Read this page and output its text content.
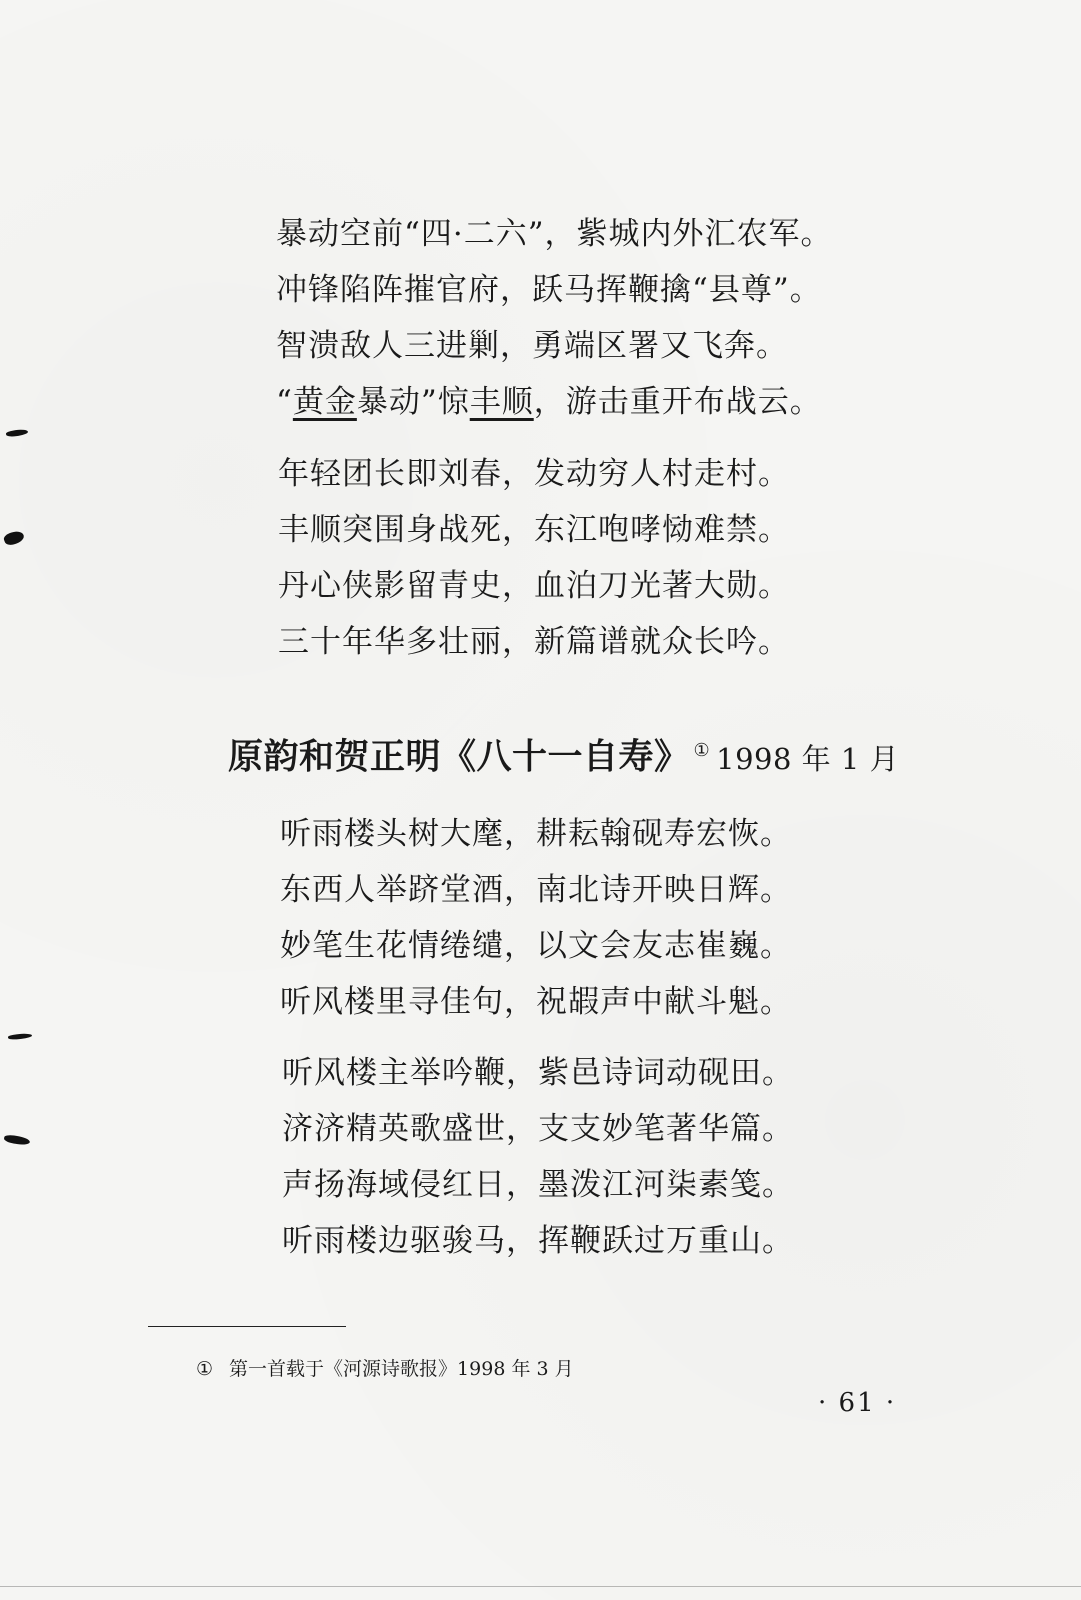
暴动空前“四·二六”，紫城内外汇农军。
冲锋陷阵摧官府，跃马挥鞭擒“县尊”。
智溃敌人三进剿，勇端区署又飞奔。
“黄金暴动”惊丰顺，游击重开布战云。
年轻团长即刘春，发动穷人村走村。
丰顺突围身战死，东江咆哮恸难禁。
丹心侠影留青史，血泊刀光著大勋。
三十年华多壮丽，新篇谱就众长吟。
原韵和贺正明《八十一自寿》 ① 1998 年 1 月
听雨楼头树大麾，耕耘翰砚寿宏恢。
东西人举跻堂酒，南北诗开映日辉。
妙笔生花情绻缱，以文会友志崔巍。
听风楼里寻佳句，祝嘏声中献斗魁。
听风楼主举吟鞭，紫邑诗词动砚田。
济济精英歌盛世，支支妙笔著华篇。
声扬海域侵红日，墨泼江河柒素笺。
听雨楼边驱骏马，挥鞭跃过万重山。
① 第一首载于《河源诗歌报》1998 年 3 月
· 61 ·
